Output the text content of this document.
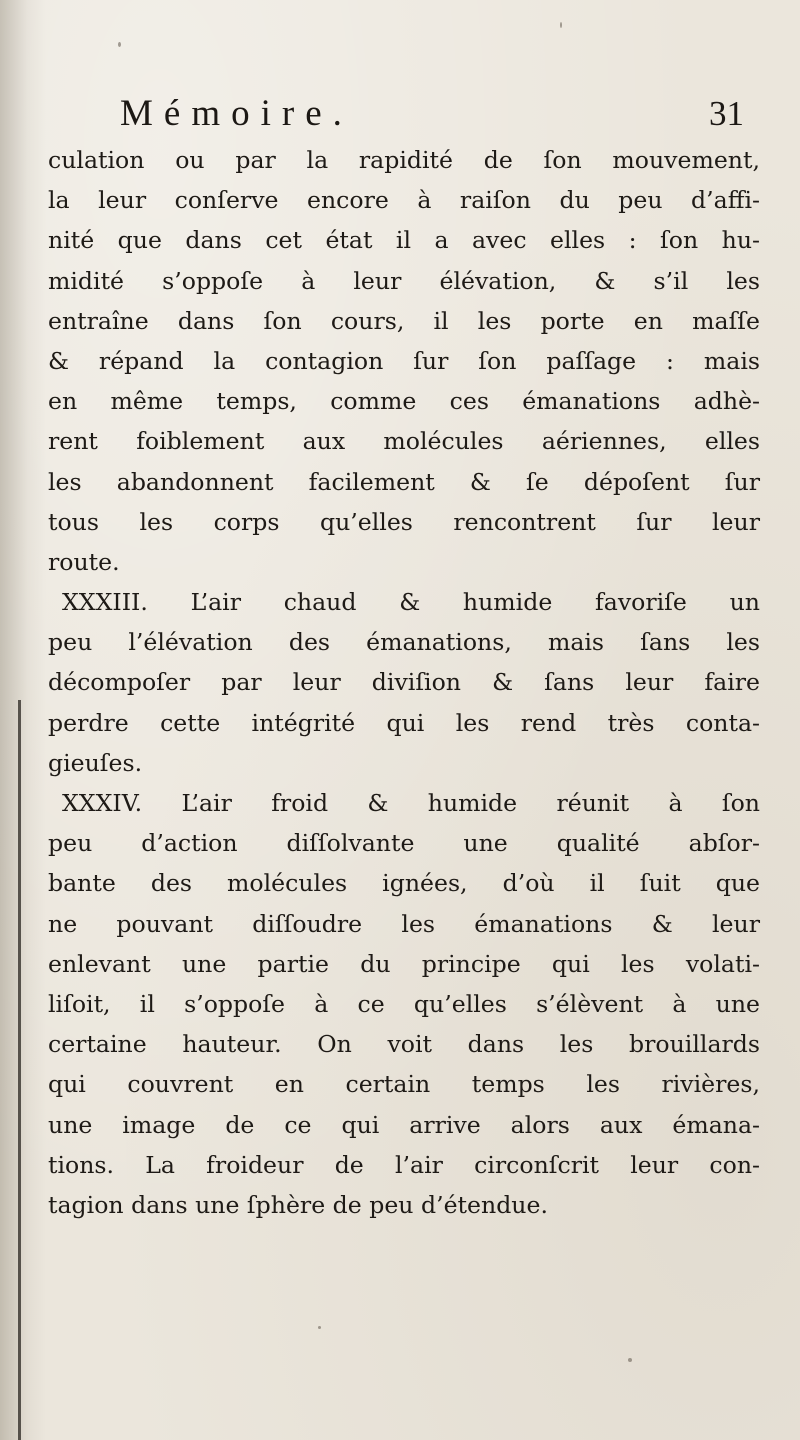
Mémoire.	31
culation ou par la rapidité de ſon mouvement,
la leur conſerve encore à raiſon du peu d’affi-
nité que dans cet état il a avec elles : ſon hu-
midité s’oppoſe à leur élévation, & s’il les
entraîne dans ſon cours, il les porte en maſſe
& répand la contagion ſur ſon paſſage : mais
en même temps, comme ces émanations adhè-
rent foiblement aux molécules aériennes, elles
les abandonnent facilement & ſe dépoſent ſur
tous les corps qu’elles rencontrent ſur leur
route.
XXXIII. L’air chaud & humide favoriſe un
peu l’élévation des émanations, mais ſans les
décompoſer par leur diviſion & ſans leur faire
perdre cette intégrité qui les rend très conta-
gieuſes.
XXXIV. L’air froid & humide réunit à ſon
peu d’action diſſolvante une qualité abſor-
bante des molécules ignées, d’où il ſuit que
ne pouvant diſſoudre les émanations & leur
enlevant une partie du principe qui les volati-
liſoit, il s’oppoſe à ce qu’elles s’élèvent à une
certaine hauteur. On voit dans les brouillards
qui couvrent en certain temps les rivières,
une image de ce qui arrive alors aux émana-
tions. La froideur de l’air circonſcrit leur con-
tagion dans une ſphère de peu d’étendue.
